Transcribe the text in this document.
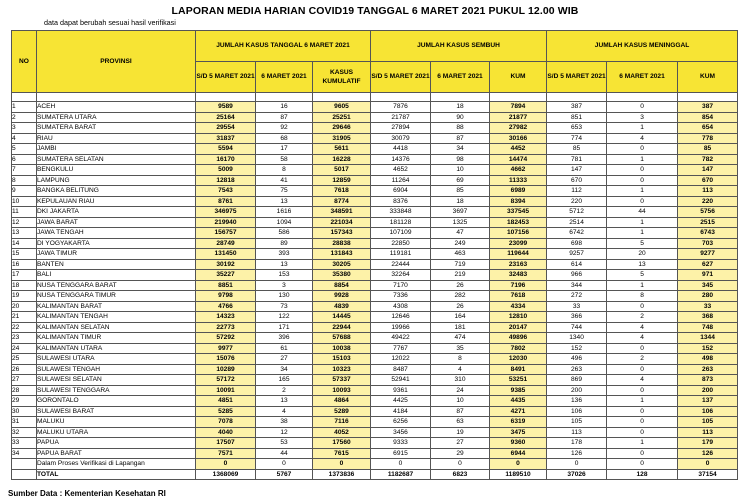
LAPORAN MEDIA HARIAN COVID19 TANGGAL 6 MARET 2021 PUKUL 12.00 WIB
data dapat berubah sesuai hasil verifikasi
NO	PROVINSI	JUMLAH KASUS TANGGAL 6 MARET 2021			JUMLAH KASUS SEMBUH			JUMLAH KASUS MENINGGAL		
		S/D 5 MARET 2021	6 MARET 2021	KASUS KUMULATIF	S/D 5 MARET 2021	6 MARET 2021	KUM	S/D 5 MARET 2021	6 MARET 2021	KUM

1	ACEH	9589	16	9605	7876	18	7894	387	0	387
2	SUMATERA UTARA	25164	87	25251	21787	90	21877	851	3	854
3	SUMATERA BARAT	29554	92	29646	27894	88	27982	653	1	654
4	RIAU	31837	68	31905	30079	87	30166	774	4	778
5	JAMBI	5594	17	5611	4418	34	4452	85	0	85
6	SUMATERA SELATAN	16170	58	16228	14376	98	14474	781	1	782
7	BENGKULU	5009	8	5017	4652	10	4662	147	0	147
8	LAMPUNG	12818	41	12859	11264	69	11333	670	0	670
9	BANGKA BELITUNG	7543	75	7618	6904	85	6989	112	1	113
10	KEPULAUAN RIAU	8761	13	8774	8376	18	8394	220	0	220
11	DKI JAKARTA	346975	1616	348591	333848	3697	337545	5712	44	5756
12	JAWA BARAT	219940	1094	221034	181128	1325	182453	2514	1	2515
13	JAWA TENGAH	156757	586	157343	107109	47	107156	6742	1	6743
14	DI YOGYAKARTA	28749	89	28838	22850	249	23099	698	5	703
15	JAWA TIMUR	131450	393	131843	119181	463	119644	9257	20	9277
16	BANTEN	30192	13	30205	22444	719	23163	614	13	627
17	BALI	35227	153	35380	32264	219	32483	966	5	971
18	NUSA TENGGARA BARAT	8851	3	8854	7170	26	7196	344	1	345
19	NUSA TENGGARA TIMUR	9798	130	9928	7336	282	7618	272	8	280
20	KALIMANTAN BARAT	4766	73	4839	4308	26	4334	33	0	33
21	KALIMANTAN TENGAH	14323	122	14445	12646	164	12810	366	2	368
22	KALIMANTAN SELATAN	22773	171	22944	19966	181	20147	744	4	748
23	KALIMANTAN TIMUR	57292	396	57688	49422	474	49896	1340	4	1344
24	KALIMANTAN UTARA	9977	61	10038	7767	35	7802	152	0	152
25	SULAWESI UTARA	15076	27	15103	12022	8	12030	496	2	498
26	SULAWESI TENGAH	10289	34	10323	8487	4	8491	263	0	263
27	SULAWESI SELATAN	57172	165	57337	52941	310	53251	869	4	873
28	SULAWESI TENGGARA	10091	2	10093	9361	24	9385	200	0	200
29	GORONTALO	4851	13	4864	4425	10	4435	136	1	137
30	SULAWESI BARAT	5285	4	5289	4184	87	4271	106	0	106
31	MALUKU	7078	38	7116	6256	63	6319	105	0	105
32	MALUKU UTARA	4040	12	4052	3456	19	3475	113	0	113
33	PAPUA	17507	53	17560	9333	27	9360	178	1	179
34	PAPUA BARAT	7571	44	7615	6915	29	6944	126	0	126
	Dalam Proses Verifikasi di Lapangan	0	0	0	0	0	0	0	0	0
	TOTAL	1368069	5767	1373836	1182687	6823	1189510	37026	128	37154
Sumber Data : Kementerian Kesehatan RI
